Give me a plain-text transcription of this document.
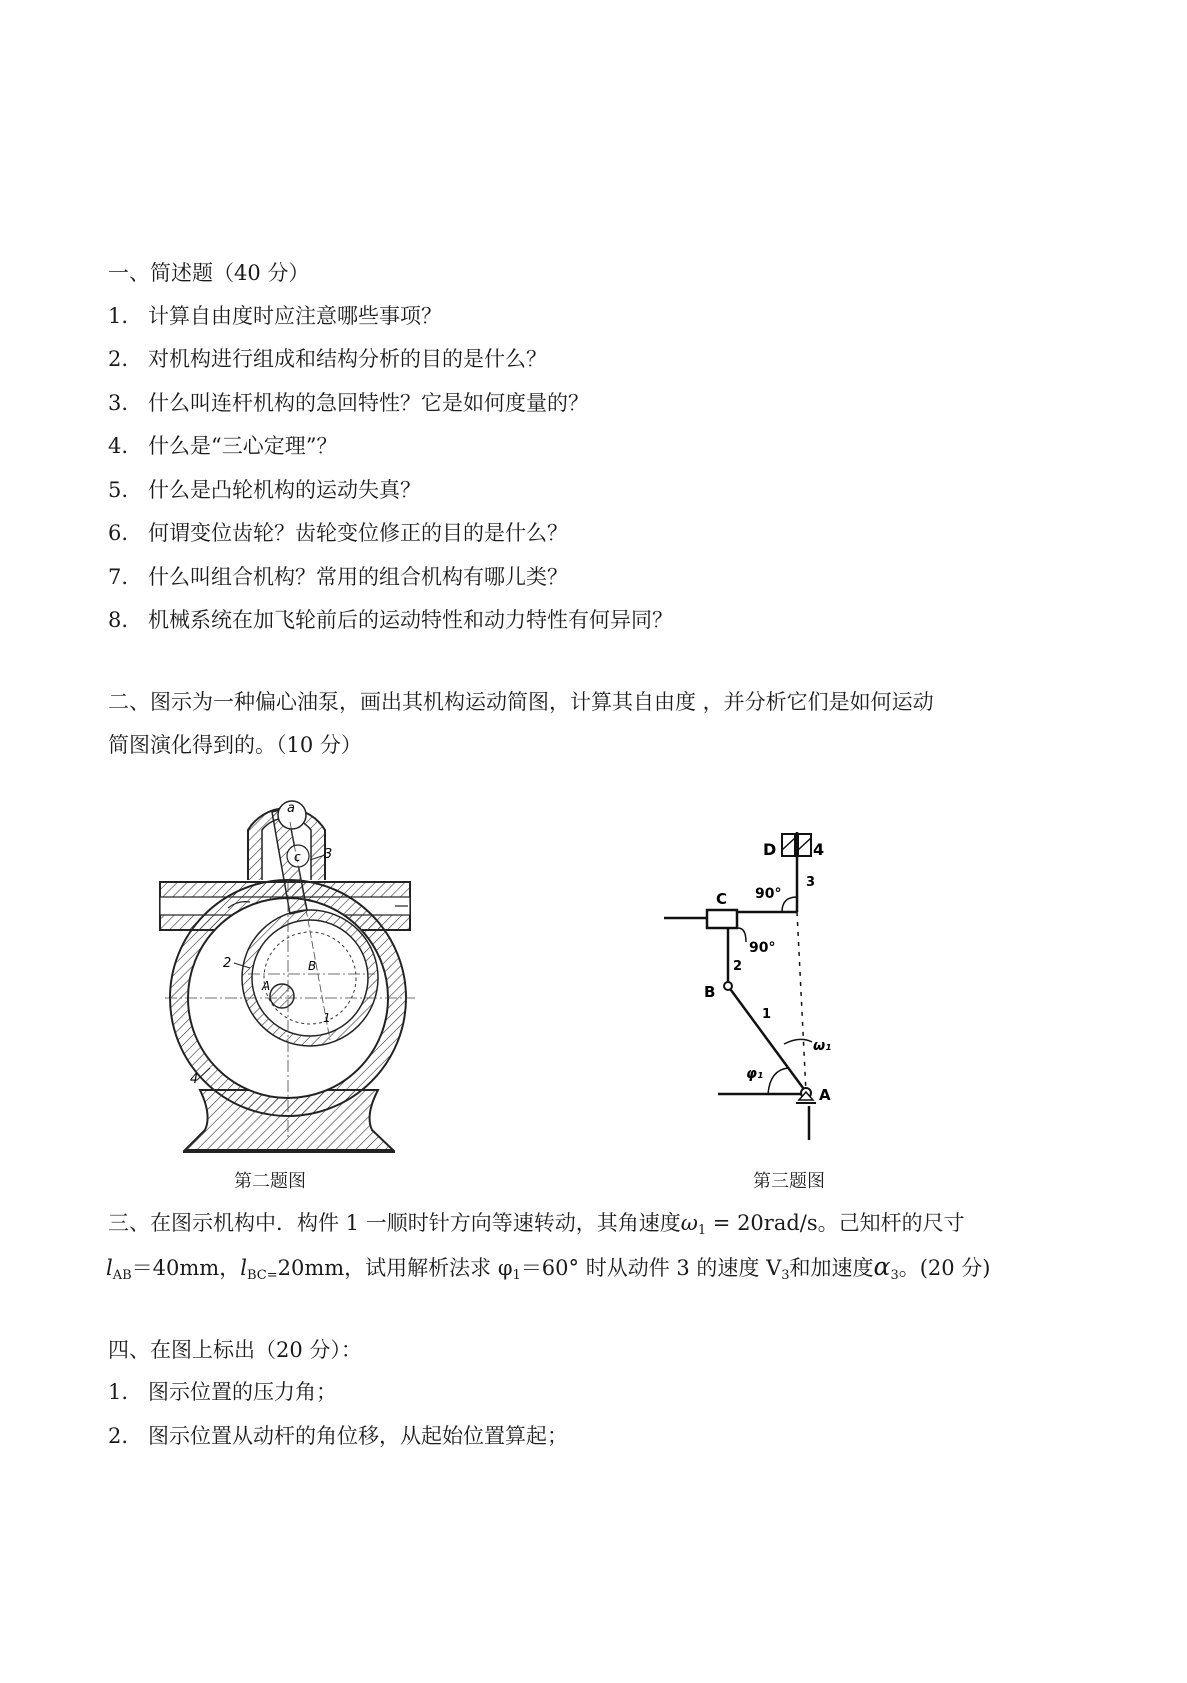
一、简述题（40 分）
1. 计算自由度时应注意哪些事项？
2. 对机构进行组成和结构分析的目的是什么？
3. 什么叫连杆机构的急回特性？它是如何度量的？
4. 什么是“三心定理”？
5. 什么是凸轮机构的运动失真？
6. 何谓变位齿轮？齿轮变位修正的目的是什么？
7. 什么叫组合机构？常用的组合机构有哪儿类？
8. 机械系统在加飞轮前后的运动特性和动力特性有何异同？
二、图示为一种偏心油泵，画出其机构运动简图，计算其自由度 ，并分析它们是如何运动
简图演化得到的。（10 分）
a
c 3
2	B
A
1
4
第二题图
D 4
3
C 90°
90°
2
B
1
ω₁
φ₁
A
第三题图
三、在图示机构中．构件 1 一顺时针方向等速转动，其角速度$\omega_1 = 20rad/s$。己知杆的尺寸
$l_{AB}=40mm$，$l_{BC=}20mm$，试用解析法求 $\varphi_1=60^\circ$ 时从动件 3 的速度 $V_3$和加速度$\alpha_3$。(20 分)
四、在图上标出（20 分）：
1. 图示位置的压力角；
2. 图示位置从动杆的角位移，从起始位置算起；
